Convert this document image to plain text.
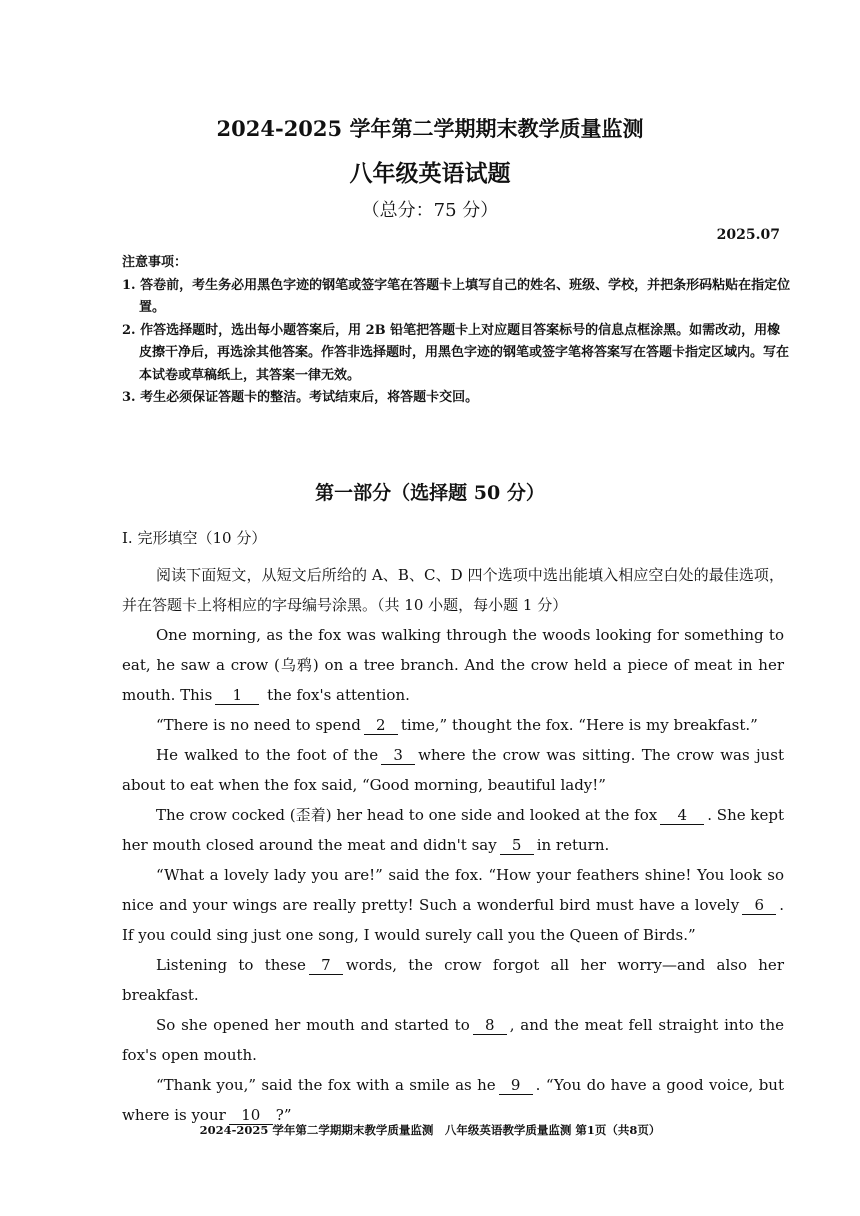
2024-2025 学年第二学期期末教学质量监测
八年级英语试题
（总分：75 分）
2025.07
注意事项：
1. 答卷前，考生务必用黑色字迹的钢笔或签字笔在答题卡上填写自己的姓名、班级、学校，并把条形码粘贴在指定位置。
2. 作答选择题时，选出每小题答案后，用 2B 铅笔把答题卡上对应题目答案标号的信息点框涂黑。如需改动，用橡皮擦干净后，再选涂其他答案。作答非选择题时，用黑色字迹的钢笔或签字笔将答案写在答题卡指定区域内。写在本试卷或草稿纸上，其答案一律无效。
3. 考生必须保证答题卡的整洁。考试结束后，将答题卡交回。
第一部分（选择题 50 分）
Ⅰ. 完形填空（10 分）

阅读下面短文，从短文后所给的 A、B、C、D 四个选项中选出能填入相应空白处的最佳选项，并在答题卡上将相应的字母编号涂黑。（共 10 小题，每小题 1 分）

One morning, as the fox was walking through the woods looking for something to eat, he saw a crow (乌鸦) on a tree branch. And the crow held a piece of meat in her mouth. This 1 the fox's attention.

“There is no need to spend 2 time,” thought the fox. “Here is my breakfast.”

He walked to the foot of the 3 where the crow was sitting. The crow was just about to eat when the fox said, “Good morning, beautiful lady!”

The crow cocked (歪着) her head to one side and looked at the fox 4 . She kept her mouth closed around the meat and didn't say 5 in return.

“What a lovely lady you are!” said the fox. “How your feathers shine! You look so nice and your wings are really pretty! Such a wonderful bird must have a lovely 6 . If you could sing just one song, I would surely call you the Queen of Birds.”

Listening to these 7 words, the crow forgot all her worry—and also her breakfast.

So she opened her mouth and started to 8 , and the meat fell straight into the fox's open mouth.

“Thank you,” said the fox with a smile as he 9 . “You do have a good voice, but where is your 10 ?”

2024-2025 学年第二学期期末教学质量监测　八年级英语教学质量监测 第1页（共8页）
